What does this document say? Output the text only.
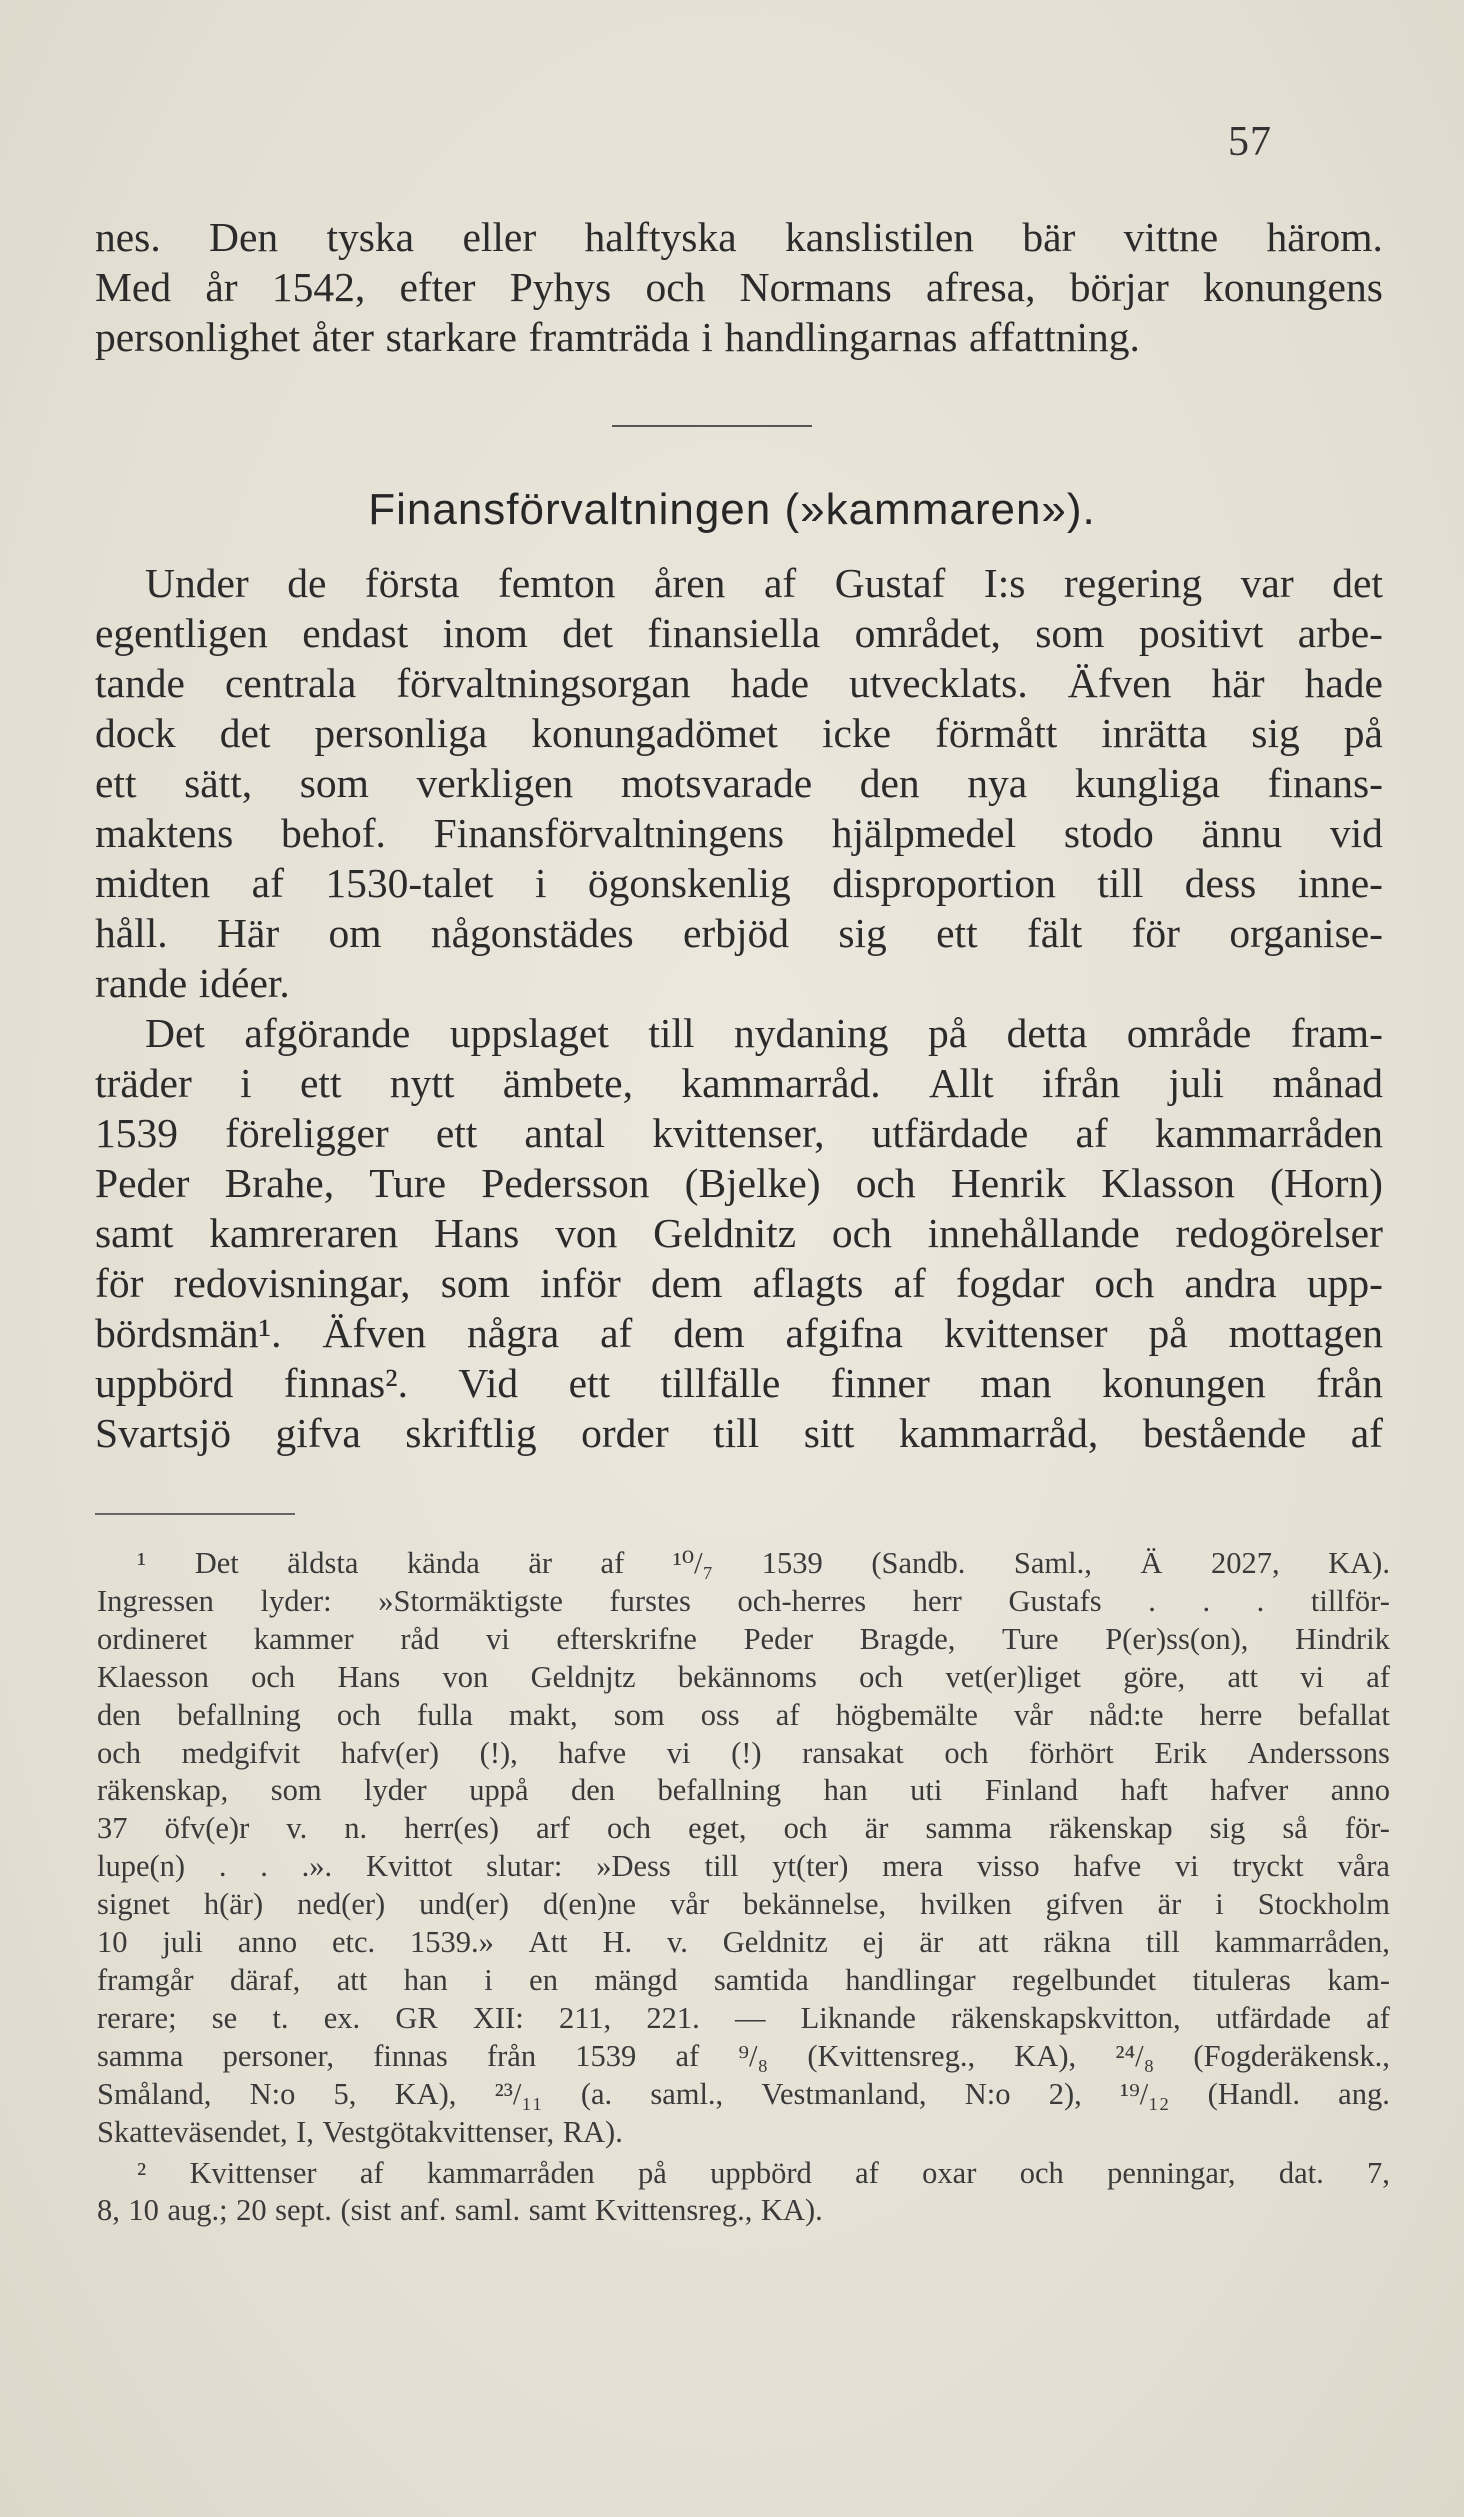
57
nes. Den tyska eller halftyska kanslistilen bär vittne härom.
Med år 1542, efter Pyhys och Normans afresa, börjar konungens
personlighet åter starkare framträda i handlingarnas affattning.
Finansförvaltningen (»kammaren»).
Under de första femton åren af Gustaf I:s regering var det
egentligen endast inom det finansiella området, som positivt arbe-
tande centrala förvaltningsorgan hade utvecklats. Äfven här hade
dock det personliga konungadömet icke förmått inrätta sig på
ett sätt, som verkligen motsvarade den nya kungliga finans-
maktens behof. Finansförvaltningens hjälpmedel stodo ännu vid
midten af 1530-talet i ögonskenlig disproportion till dess inne-
håll. Här om någonstädes erbjöd sig ett fält för organise-
rande idéer.
Det afgörande uppslaget till nydaning på detta område fram-
träder i ett nytt ämbete, kammarråd. Allt ifrån juli månad
1539 föreligger ett antal kvittenser, utfärdade af kammarråden
Peder Brahe, Ture Pedersson (Bjelke) och Henrik Klasson (Horn)
samt kamreraren Hans von Geldnitz och innehållande redogörelser
för redovisningar, som inför dem aflagts af fogdar och andra upp-
bördsmän¹. Äfven några af dem afgifna kvittenser på mottagen
uppbörd finnas². Vid ett tillfälle finner man konungen från
Svartsjö gifva skriftlig order till sitt kammarråd, bestående af
¹ Det äldsta kända är af ¹⁰/₇ 1539 (Sandb. Saml., Ä 2027, KA).
Ingressen lyder: »Stormäktigste furstes och-herres herr Gustafs . . . tillför-
ordineret kammer råd vi efterskrifne Peder Bragde, Ture P(er)ss(on), Hindrik
Klaesson och Hans von Geldnjtz bekännoms och vet(er)liget göre, att vi af
den befallning och fulla makt, som oss af högbemälte vår nåd:te herre befallat
och medgifvit hafv(er) (!), hafve vi (!) ransakat och förhört Erik Anderssons
räkenskap, som lyder uppå den befallning han uti Finland haft hafver anno
37 öfv(e)r v. n. herr(es) arf och eget, och är samma räkenskap sig så för-
lupe(n) . . .». Kvittot slutar: »Dess till yt(ter) mera visso hafve vi tryckt våra
signet h(är) ned(er) und(er) d(en)ne vår bekännelse, hvilken gifven är i Stockholm
10 juli anno etc. 1539.» Att H. v. Geldnitz ej är att räkna till kammarråden,
framgår däraf, att han i en mängd samtida handlingar regelbundet tituleras kam-
rerare; se t. ex. GR XII: 211, 221. — Liknande räkenskapskvitton, utfärdade af
samma personer, finnas från 1539 af ⁹/₈ (Kvittensreg., KA), ²⁴/₈ (Fogderäkensk.,
Småland, N:o 5, KA), ²³/₁₁ (a. saml., Vestmanland, N:o 2), ¹⁹/₁₂ (Handl. ang.
Skatteväsendet, I, Vestgötakvittenser, RA).
² Kvittenser af kammarråden på uppbörd af oxar och penningar, dat. 7,
8, 10 aug.; 20 sept. (sist anf. saml. samt Kvittensreg., KA).
